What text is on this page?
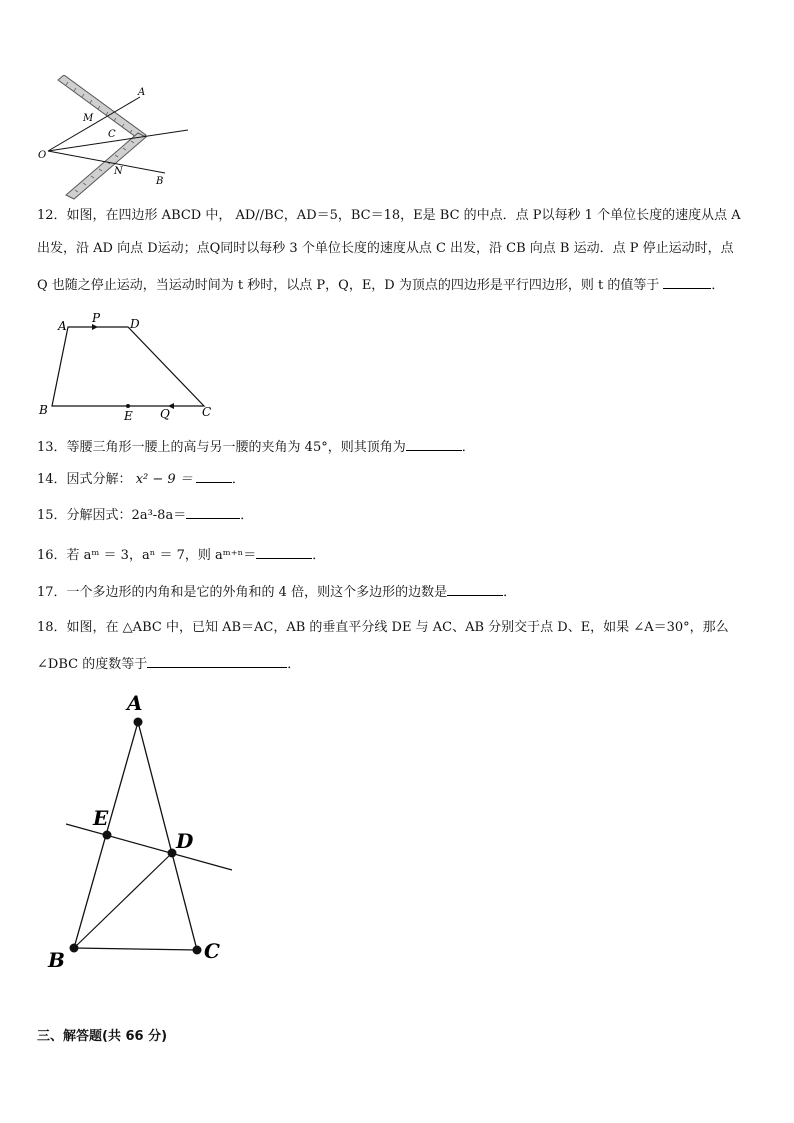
A
M
C
O
N
B
12．如图，在四边形 ABCD 中， AD//BC，AD＝5，BC＝18，E是 BC 的中点．点 P以每秒 1 个单位长度的速度从点 A
出发，沿 AD 向点 D运动；点Q同时以每秒 3 个单位长度的速度从点 C 出发，沿 CB 向点 B 运动．点 P 停止运动时，点
Q 也随之停止运动，当运动时间为 t 秒时，以点 P，Q，E，D 为顶点的四边形是平行四边形，则 t 的值等于	．
A
P D
B	E Q	C
13．等腰三角形一腰上的高与另一腰的夹角为 45°，则其顶角为	．
14．因式分解： x² − 9 ＝	．
15．分解因式：2a³-8a＝	．
16．若 aᵐ ＝ 3，aⁿ ＝ 7，则 aᵐ⁺ⁿ＝	．
17．一个多边形的内角和是它的外角和的 4 倍，则这个多边形的边数是	．
18．如图，在 △ABC 中，已知 AB＝AC，AB 的垂直平分线 DE 与 AC、AB 分别交于点 D、E，如果 ∠A＝30°，那么
∠DBC 的度数等于	．
A
E
D
B	C
三、解答题(共 66 分)
